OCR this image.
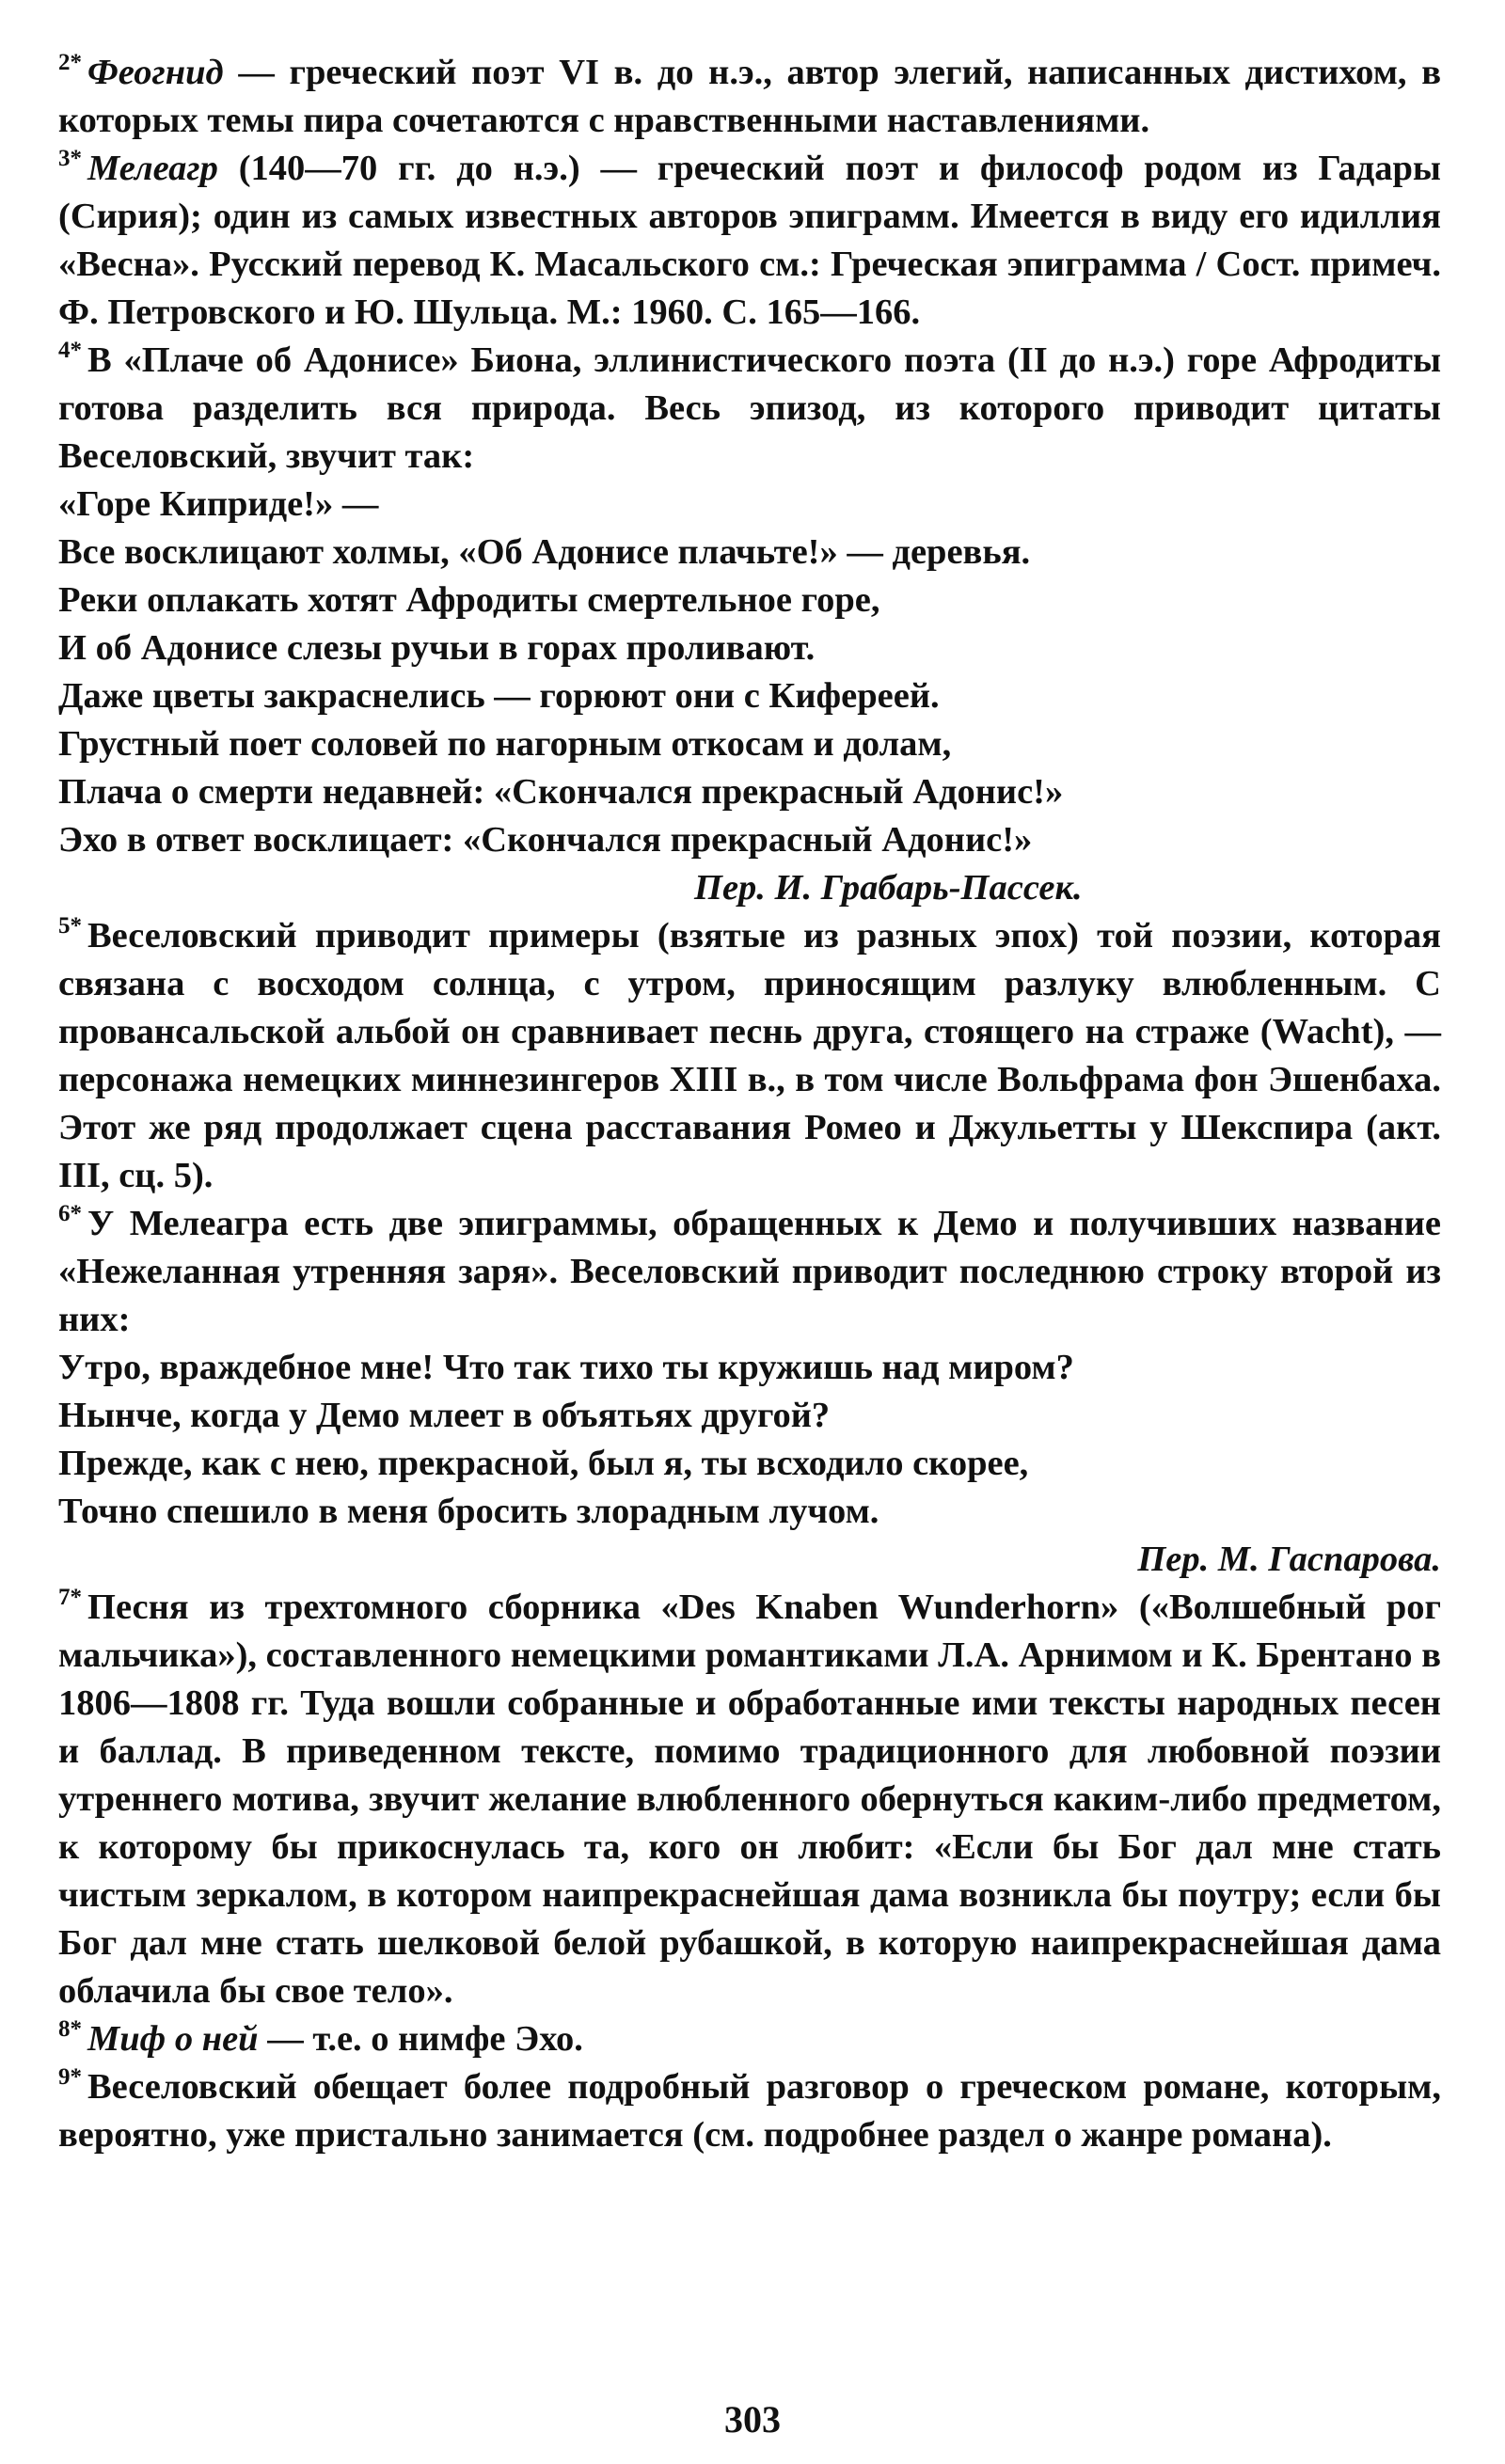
$^{2*}$ Феогнид — греческий поэт VI в. до н.э., автор элегий, написанных дистихом, в которых темы пира сочетаются с нравственными наставлениями.

$^{3*}$ Мелеагр (140—70 гг. до н.э.) — греческий поэт и философ родом из Гадары (Сирия); один из самых известных авторов эпиграмм. Имеется в виду его идиллия «Весна». Русский перевод К. Масальского см.: Греческая эпиграмма / Сост. примеч. Ф. Петровского и Ю. Шульца. М.: 1960. С. 165—166.

$^{4*}$ В «Плаче об Адонисе» Биона, эллинистического поэта (II до н.э.) горе Афродиты готова разделить вся природа. Весь эпизод, из которого приводит цитаты Веселовский, звучит так:

«Горе Киприде!» —

Все восклицают холмы, «Об Адонисе плачьте!» — деревья.

Реки оплакать хотят Афродиты смертельное горе,

И об Адонисе слезы ручьи в горах проливают.

Даже цветы закраснелись — горюют они с Киферeей.

Грустный поет соловей по нагорным откосам и долам,

Плача о смерти недавней: «Скончался прекрасный Адонис!»

Эхо в ответ восклицает: «Скончался прекрасный Адонис!»

Пер. И. Грабарь-Пассек.

$^{5*}$ Веселовский приводит примеры (взятые из разных эпох) той поэзии, которая связана с восходом солнца, с утром, приносящим разлуку влюбленным. С провансальской альбой он сравнивает песнь друга, стоящего на страже (Wacht), — персонажа немецких миннезингеров XIII в., в том числе Вольфрама фон Эшенбаха. Этот же ряд продолжает сцена расставания Ромео и Джульетты у Шекспира (акт. III, сц. 5).

$^{6*}$ У Мелеагра есть две эпиграммы, обращенных к Демо и получивших название «Нежеланная утренняя заря». Веселовский приводит последнюю строку второй из них:

Утро, враждебное мне! Что так тихо ты кружишь над миром?

Нынче, когда у Демо млеет в объятьях другой?

Прежде, как с нею, прекрасной, был я, ты всходило скорее,

Точно спешило в меня бросить злорадным лучом.

Пер. М. Гаспарова.

$^{7*}$ Песня из трехтомного сборника «Des Knaben Wunderhorn» («Волшебный рог мальчика»), составленного немецкими романтиками Л.А. Арнимом и К. Брентано в 1806—1808 гг. Туда вошли собранные и обработанные ими тексты народных песен и баллад. В приведенном тексте, помимо традиционного для любовной поэзии утреннего мотива, звучит желание влюбленного обернуться каким-либо предметом, к которому бы прикоснулась та, кого он любит: «Если бы Бог дал мне стать чистым зеркалом, в котором наипрекраснейшая дама возникла бы поутру; если бы Бог дал мне стать шелковой белой рубашкой, в которую наипрекраснейшая дама облачила бы свое тело».

$^{8*}$ Миф о ней — т.е. о нимфе Эхо.

$^{9*}$ Веселовский обещает более подробный разговор о греческом романе, которым, вероятно, уже пристально занимается (см. подробнее раздел о жанре романа).

303
